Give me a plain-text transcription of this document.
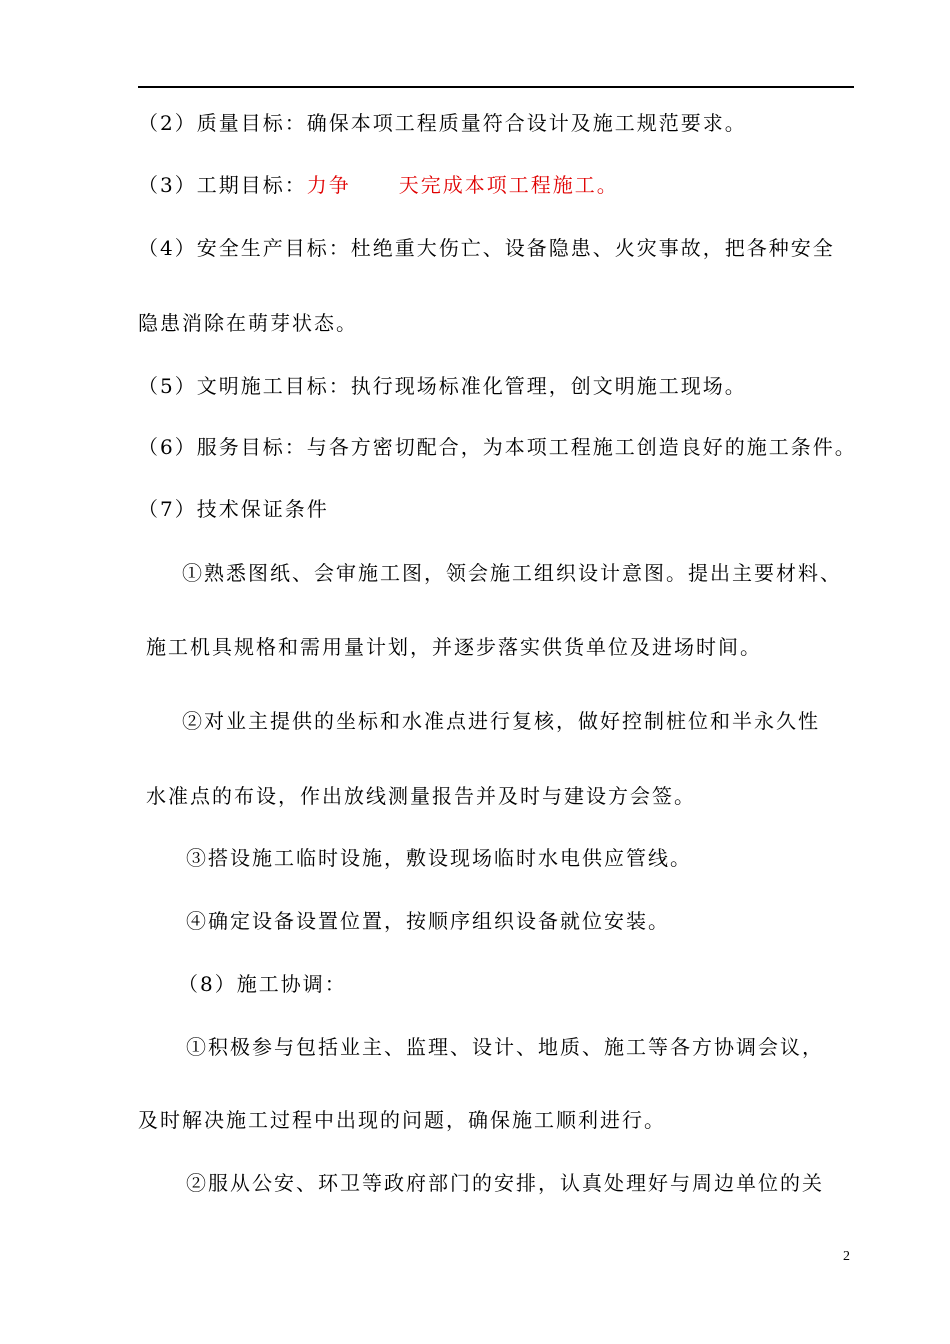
（2）质量目标：确保本项工程质量符合设计及施工规范要求。
（3）工期目标：力争 天完成本项工程施工。
（4）安全生产目标：杜绝重大伤亡、设备隐患、火灾事故，把各种安全
隐患消除在萌芽状态。
（5）文明施工目标：执行现场标准化管理，创文明施工现场。
（6）服务目标：与各方密切配合，为本项工程施工创造良好的施工条件。
（7）技术保证条件
①熟悉图纸、会审施工图，领会施工组织设计意图。提出主要材料、
施工机具规格和需用量计划，并逐步落实供货单位及进场时间。
②对业主提供的坐标和水准点进行复核，做好控制桩位和半永久性
水准点的布设，作出放线测量报告并及时与建设方会签。
③搭设施工临时设施，敷设现场临时水电供应管线。
④确定设备设置位置，按顺序组织设备就位安装。
（8）施工协调：
①积极参与包括业主、监理、设计、地质、施工等各方协调会议，
及时解决施工过程中出现的问题，确保施工顺利进行。
②服从公安、环卫等政府部门的安排，认真处理好与周边单位的关
2
